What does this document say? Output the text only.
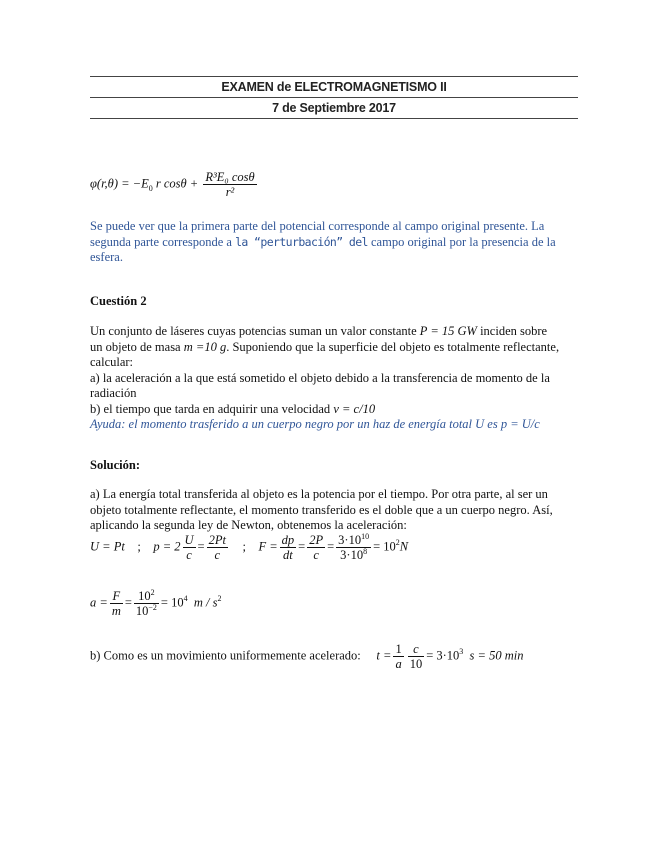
EXAMEN de ELECTROMAGNETISMO II
7 de Septiembre 2017
$\varphi(r,\theta) = -E_0$ r $\cos\theta + \frac{\text{R³E₀ cosθ}}{\text{r²}}$
Se puede ver que la primera parte del potencial corresponde al campo original presente. La
segunda parte corresponde a la “perturbación” del campo original por la presencia de la
esfera.
Cuestión 2
Un conjunto de láseres cuyas potencias suman un valor constante P = 15 GW inciden sobre
un objeto de masa m =10 g. Suponiendo que la superficie del objeto es totalmente reflectante,
calcular:
a) la aceleración a la que está sometido el objeto debido a la transferencia de momento de la
radiación
b) el tiempo que tarda en adquirir una velocidad v = c/10
Ayuda: el momento trasferido a un cuerpo negro por un haz de energía total U es p = U/c
Solución:
a) La energía total transferida al objeto es la potencia por el tiempo. Por otra parte, al ser un
objeto totalmente reflectante, el momento transferido es el doble que a un cuerpo negro. Así,
aplicando la segunda ley de Newton, obtenemos la aceleración:
U = Pt ; $p = 2 \frac{U}{c} = \frac{2Pt}{c}$ ; $F = \frac{dp}{dt} = \frac{2P}{c} = \frac{3\cdot 10^{10}}{3\cdot 10^8} = 10^2N$
$a = \frac{F}{m} = \frac{10^2}{10^{-2}} = 10^4$ m / $s^2$
b) Como es un movimiento uniformemente acelerado: $t = \frac{1}{a} \frac{c}{10} = 3\cdot 10^3$ s = 50 min
